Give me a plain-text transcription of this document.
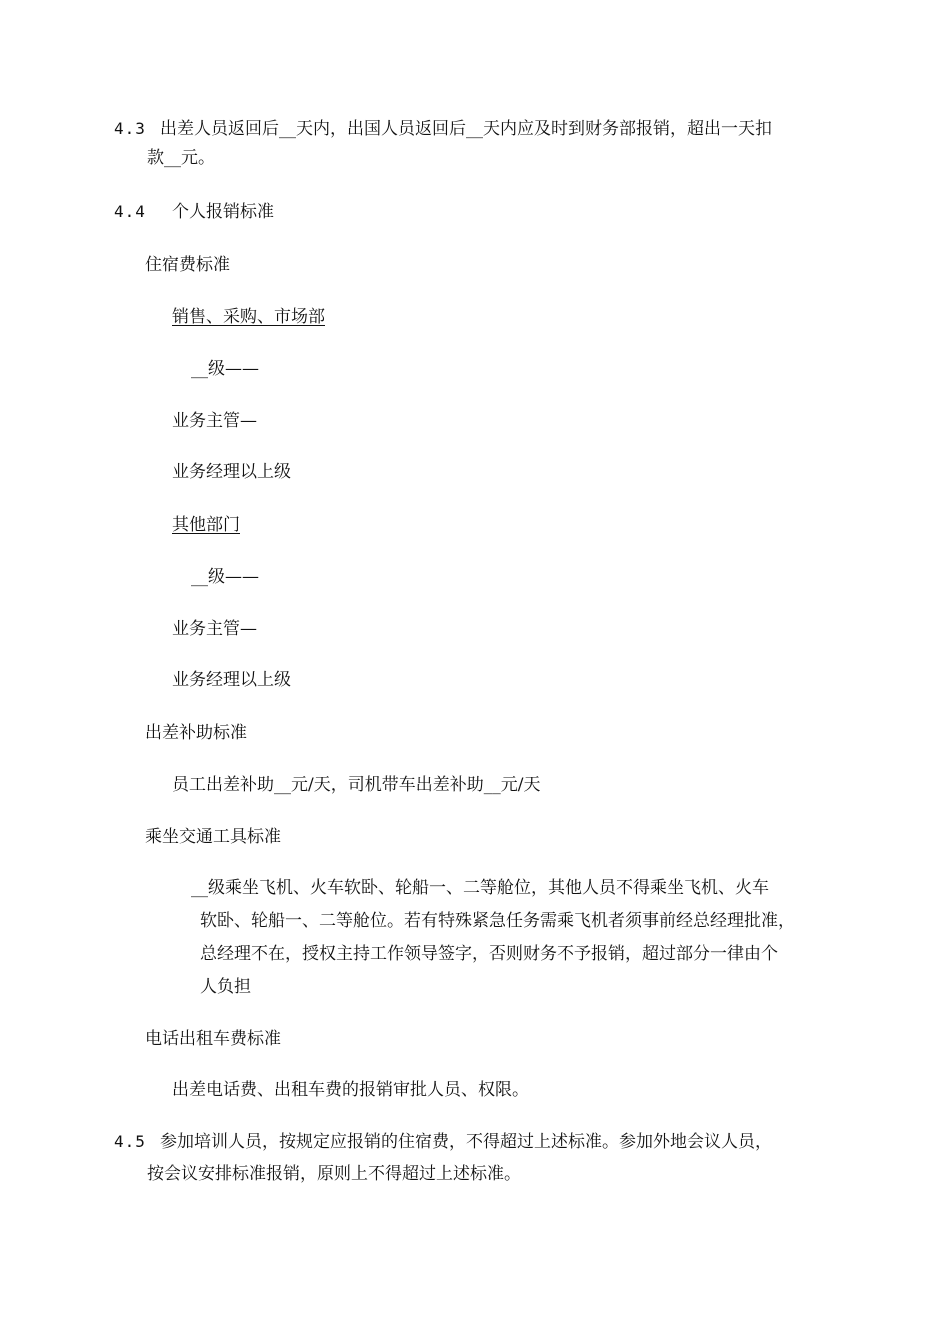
4.3 出差人员返回后__天内，出国人员返回后__天内应及时到财务部报销，超出一天扣
款__元。
4.4 个人报销标准
住宿费标准
销售、采购、市场部
__级——
业务主管—
业务经理以上级
其他部门
__级——
业务主管—
业务经理以上级
出差补助标准
员工出差补助__元/天，司机带车出差补助__元/天
乘坐交通工具标准
__级乘坐飞机、火车软卧、轮船一、二等舱位，其他人员不得乘坐飞机、火车
软卧、轮船一、二等舱位。若有特殊紧急任务需乘飞机者须事前经总经理批准，
总经理不在，授权主持工作领导签字，否则财务不予报销，超过部分一律由个
人负担
电话出租车费标准
出差电话费、出租车费的报销审批人员、权限。
4.5 参加培训人员，按规定应报销的住宿费，不得超过上述标准。参加外地会议人员，
按会议安排标准报销，原则上不得超过上述标准。
